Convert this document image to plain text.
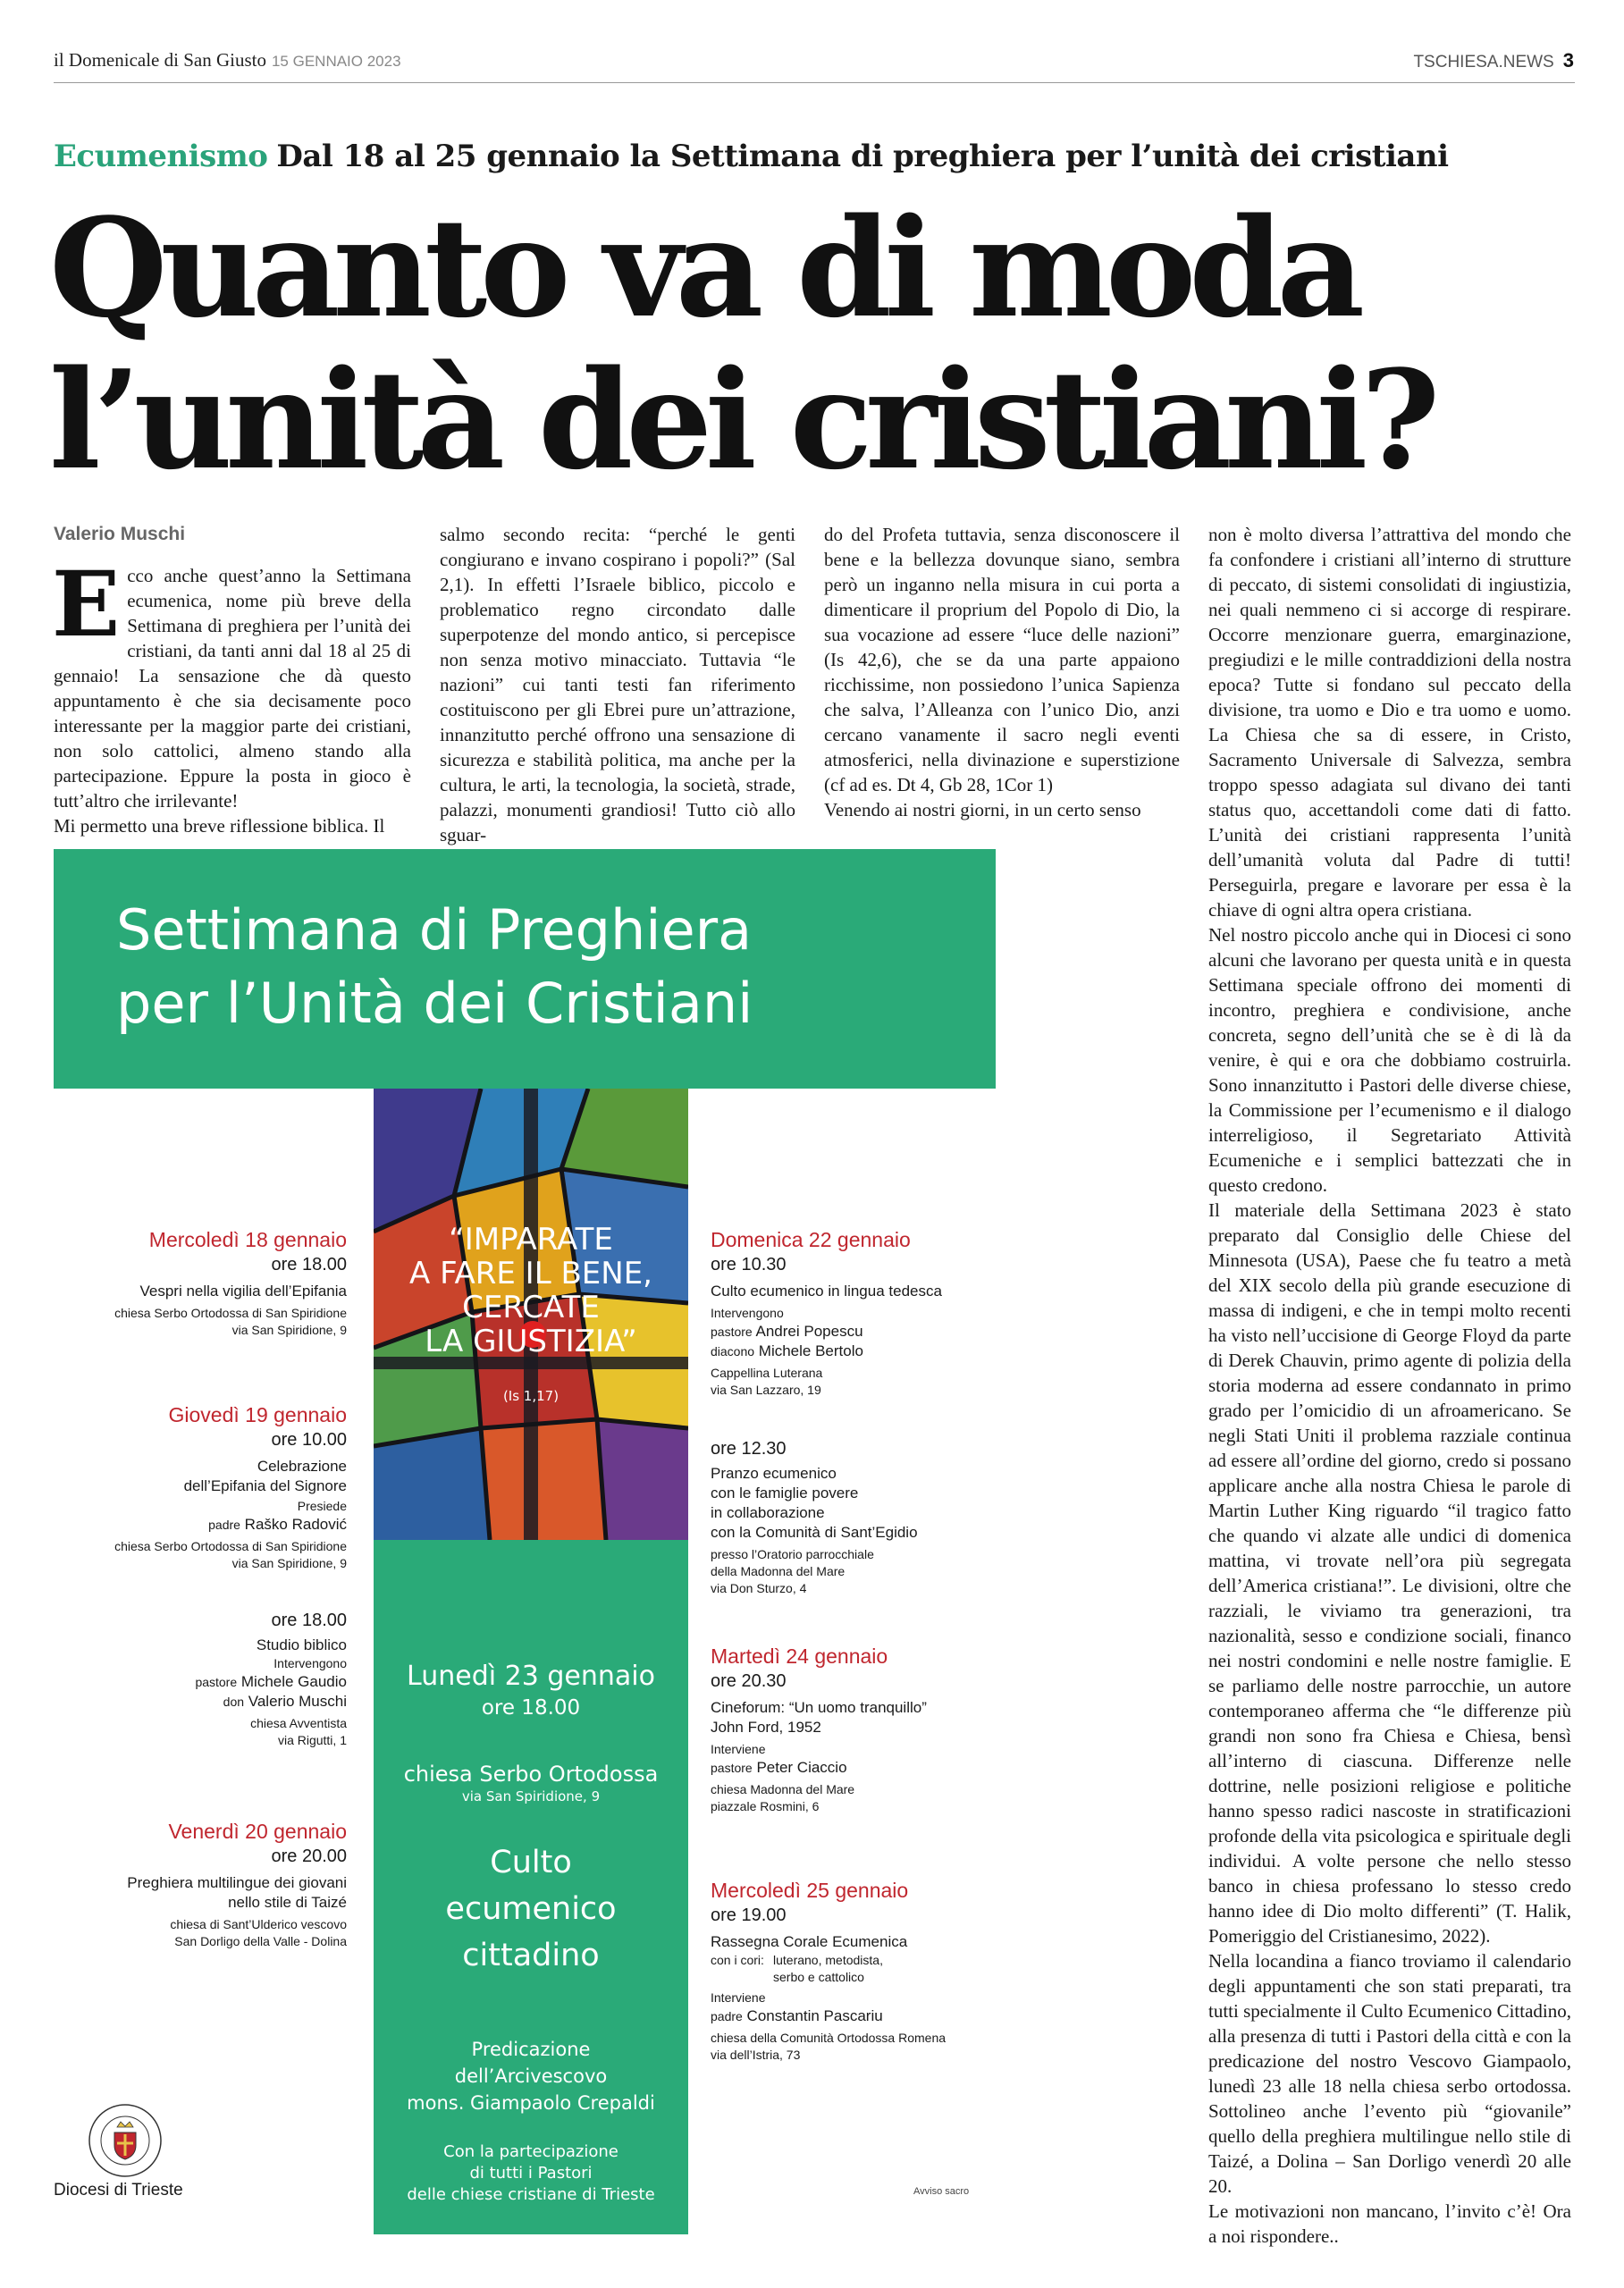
il Domenicale di San Giusto 15 GENNAIO 2023	TSCHIESA.NEWS 3
Ecumenismo Dal 18 al 25 gennaio la Settimana di preghiera per l’unità dei cristiani
Quanto va di moda
l’unità dei cristiani?
Valerio Muschi

Ecco anche quest’anno la Settimana ecumenica, nome più breve della Settimana di preghiera per l’unità dei cristiani, da tanti anni dal 18 al 25 di gennaio! La sensazione che dà questo appuntamento è che sia decisamente poco interessante per la maggior parte dei cristiani, non solo cattolici, almeno stando alla partecipazione. Eppure la posta in gioco è tutt’altro che irrilevante!

Mi permetto una breve riflessione biblica. Il

salmo secondo recita: “perché le genti congiurano e invano cospirano i popoli?” (Sal 2,1). In effetti l’Israele biblico, piccolo e problematico regno circondato dalle superpotenze del mondo antico, si percepisce non senza motivo minacciato. Tuttavia “le nazioni” cui tanti testi fan riferimento costituiscono per gli Ebrei pure un’attrazione, innanzitutto perché offrono una sensazione di sicurezza e stabilità politica, ma anche per la cultura, le arti, la tecnologia, la società, strade, palazzi, monumenti grandiosi! Tutto ciò allo sguar-

do del Profeta tuttavia, senza disconoscere il bene e la bellezza dovunque siano, sembra però un inganno nella misura in cui porta a dimenticare il proprium del Popolo di Dio, la sua vocazione ad essere “luce delle nazioni” (Is 42,6), che se da una parte appaiono ricchissime, non possiedono l’unica Sapienza che salva, l’Alleanza con l’unico Dio, anzi cercano vanamente il sacro negli eventi atmosferici, nella divinazione e superstizione (cf ad es. Dt 4, Gb 28, 1Cor 1)

Venendo ai nostri giorni, in un certo senso

non è molto diversa l’attrattiva del mondo che fa confondere i cristiani all’interno di strutture di peccato, di sistemi consolidati di ingiustizia, nei quali nemmeno ci si accorge di respirare. Occorre menzionare guerra, emarginazione, pregiudizi e le mille contraddizioni della nostra epoca? Tutte si fondano sul peccato della divisione, tra uomo e Dio e tra uomo e uomo. La Chiesa che sa di essere, in Cristo, Sacramento Universale di Salvezza, sembra troppo spesso adagiata sul divano dei tanti status quo, accettandoli come dati di fatto. L’unità dei cristiani rappresenta l’unità dell’umanità voluta dal Padre di tutti! Perseguirla, pregare e lavorare per essa è la chiave di ogni altra opera cristiana.

Nel nostro piccolo anche qui in Diocesi ci sono alcuni che lavorano per questa unità e in questa Settimana speciale offrono dei momenti di incontro, preghiera e condivisione, anche concreta, segno dell’unità che se è di là da venire, è qui e ora che dobbiamo costruirla. Sono innanzitutto i Pastori delle diverse chiese, la Commissione per l’ecumenismo e il dialogo interreligioso, il Segretariato Attività Ecumeniche e i semplici battezzati che in questo credono.

Il materiale della Settimana 2023 è stato preparato dal Consiglio delle Chiese del Minnesota (USA), Paese che fu teatro a metà del XIX secolo della più grande esecuzione di massa di indigeni, e che in tempi molto recenti ha visto nell’uccisione di George Floyd da parte di Derek Chauvin, primo agente di polizia della storia moderna ad essere condannato in primo grado per l’omicidio di un afroamericano. Se negli Stati Uniti il problema razziale continua ad essere all’ordine del giorno, credo si possano applicare anche alla nostra Chiesa le parole di Martin Luther King riguardo “il tragico fatto che quando vi alzate alle undici di domenica mattina, vi trovate nell’ora più segregata dell’America cristiana!”. Le divisioni, oltre che razziali, le viviamo tra generazioni, tra nazionalità, sesso e condizione sociali, financo nei nostri condomini e nelle nostre famiglie. E se parliamo delle nostre parrocchie, un autore contemporaneo afferma che “le differenze più grandi non sono fra Chiesa e Chiesa, bensì all’interno di ciascuna. Differenze nelle dottrine, nelle posizioni religiose e politiche hanno spesso radici nascoste in stratificazioni profonde della vita psicologica e spirituale degli individui. A volte persone che nello stesso banco in chiesa professano lo stesso credo hanno idee di Dio molto differenti” (T. Halik, Pomeriggio del Cristianesimo, 2022).

Nella locandina a fianco troviamo il calendario degli appuntamenti che son stati preparati, tra tutti specialmente il Culto Ecumenico Cittadino, alla presenza di tutti i Pastori della città e con la predicazione del nostro Vescovo Giampaolo, lunedì 23 alle 18 nella chiesa serbo ortodossa. Sottolineo anche l’evento più “giovanile” quello della preghiera multilingue nello stile di Taizé, a Dolina – San Dorligo venerdì 20 alle 20.

Le motivazioni non mancano, l’invito c’è! Ora a noi rispondere..

Settimana di Preghiera
per l’Unità dei Cristiani
“IMPARATE
A FARE IL BENE,
CERCATE
LA GIUSTIZIA”
(Is 1,17)
Lunedì 23 gennaio
ore 18.00
chiesa Serbo Ortodossa
via San Spiridione, 9
Culto
ecumenico
cittadino
Predicazione
dell’Arcivescovo
mons. Giampaolo Crepaldi
Con la partecipazione
di tutti i Pastori
delle chiese cristiane di Trieste
Mercoledì 18 gennaio
ore 18.00
Vespri nella vigilia dell’Epifania
chiesa Serbo Ortodossa di San Spiridione
via San Spiridione, 9
Giovedì 19 gennaio
ore 10.00
Celebrazione
dell’Epifania del Signore
Presiede
padre Raško Radović
chiesa Serbo Ortodossa di San Spiridione
via San Spiridione, 9
ore 18.00
Studio biblico
Intervengono
pastore Michele Gaudio
don Valerio Muschi
chiesa Avventista
via Rigutti, 1
Venerdì 20 gennaio
ore 20.00
Preghiera multilingue dei giovani
nello stile di Taizé
chiesa di Sant’Ulderico vescovo
San Dorligo della Valle - Dolina
Domenica 22 gennaio
ore 10.30
Culto ecumenico in lingua tedesca
Intervengono
pastore Andrei Popescu
diacono Michele Bertolo
Cappellina Luterana
via San Lazzaro, 19
ore 12.30
Pranzo ecumenico
con le famiglie povere
in collaborazione
con la Comunità di Sant’Egidio
presso l’Oratorio parrocchiale
della Madonna del Mare
via Don Sturzo, 4
Martedì 24 gennaio
ore 20.30
Cineforum: “Un uomo tranquillo”
John Ford, 1952
Interviene
pastore Peter Ciaccio
chiesa Madonna del Mare
piazzale Rosmini, 6
Mercoledì 25 gennaio
ore 19.00
Rassegna Corale Ecumenica
con i cori: luterano, metodista,
serbo e cattolico
Interviene
padre Constantin Pascariu
chiesa della Comunità Ortodossa Romena
via dell’Istria, 73
Diocesi di Trieste	Avviso sacro
